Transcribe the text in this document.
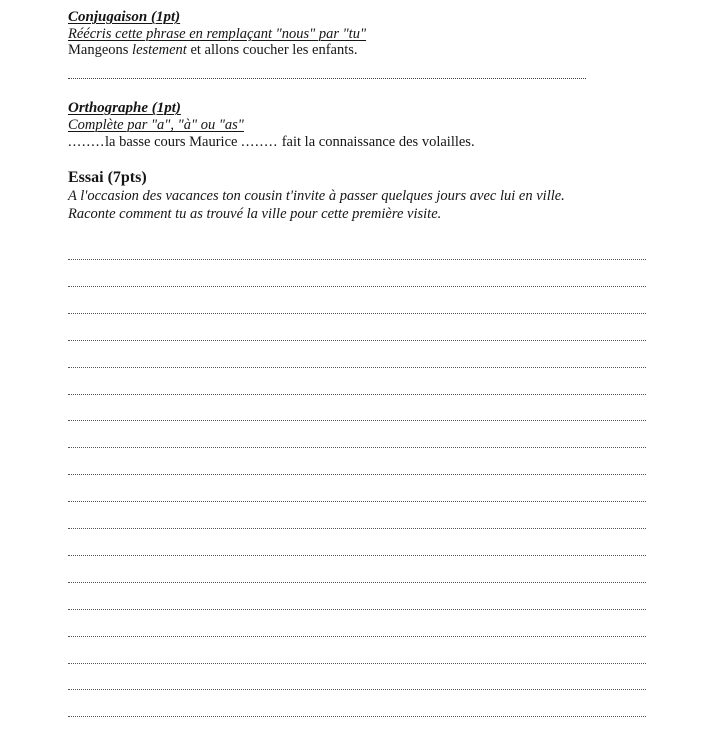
Conjugaison (1pt)

Réécris cette phrase en remplaçant "nous" par "tu"

Mangeons lestement et allons coucher les enfants.

Orthographe (1pt)

Complète par "a", "à" ou "as"

........la basse cours Maurice ........ fait la connaissance des volailles.

Essai (7pts)

A l'occasion des vacances ton cousin t'invite à passer quelques jours avec lui en ville.

Raconte comment tu as trouvé la ville pour cette première visite.
